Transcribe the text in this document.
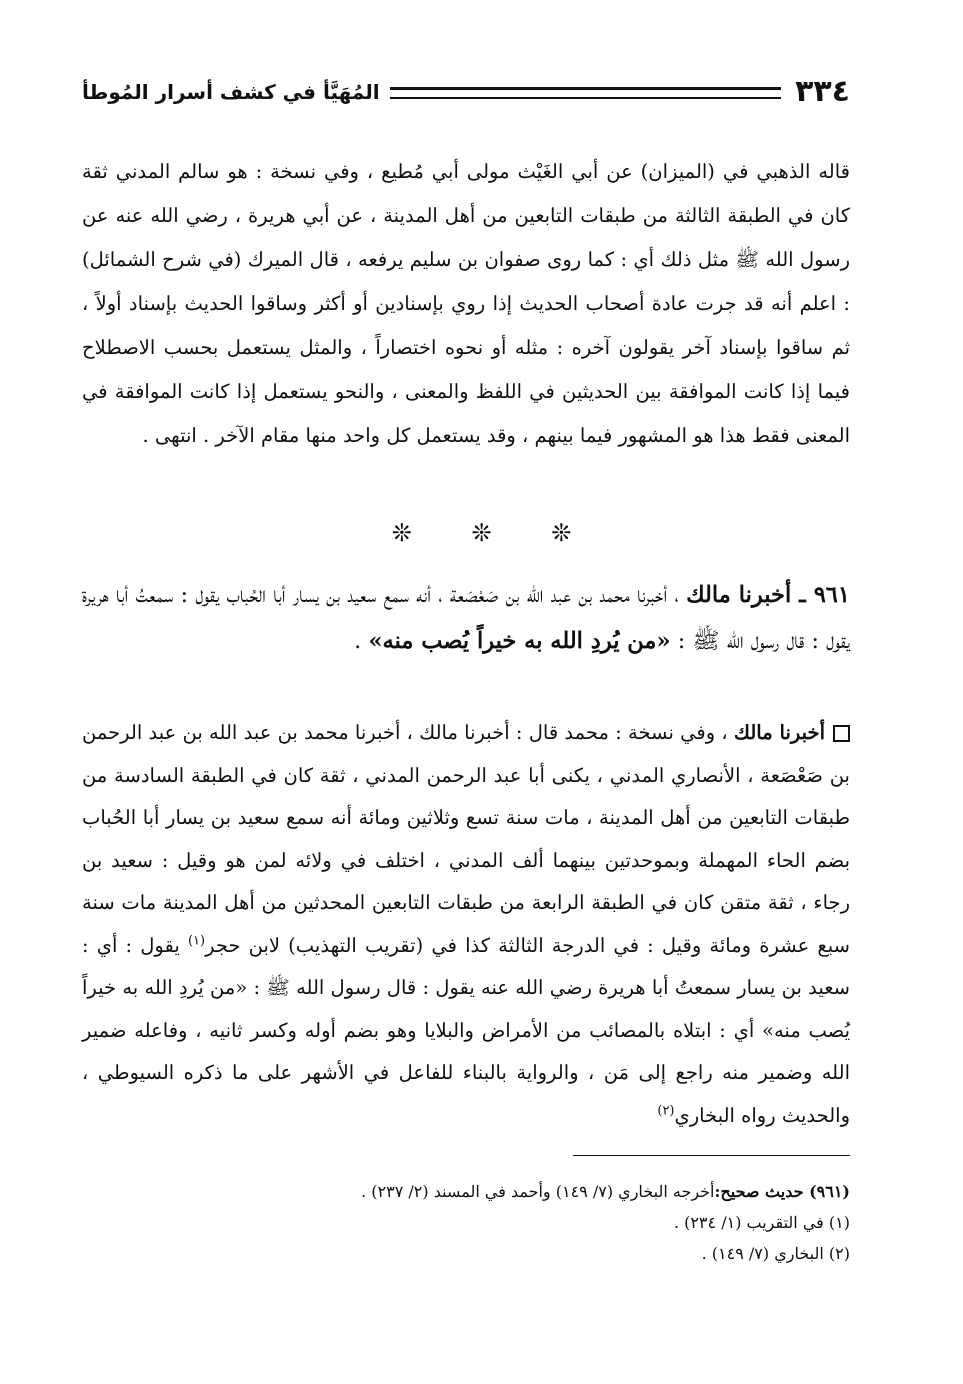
٣٣٤
المُهَيَّأ في كشف أسرار المُوطأ

قاله الذهبي في (الميزان) عن أبي الغَيْث مولى أبي مُطيع ، وفي نسخة : هو سالم المدني ثقة كان في الطبقة الثالثة من طبقات التابعين من أهل المدينة ، عن أبي هريرة ، رضي الله عنه عن رسول الله ﷺ مثل ذلك أي : كما روى صفوان بن سليم يرفعه ، قال الميرك (في شرح الشمائل) : اعلم أنه قد جرت عادة أصحاب الحديث إذا روي بإسنادين أو أكثر وساقوا الحديث بإسناد أولاً ، ثم ساقوا بإسناد آخر يقولون آخره : مثله أو نحوه اختصاراً ، والمثل يستعمل بحسب الاصطلاح فيما إذا كانت الموافقة بين الحديثين في اللفظ والمعنى ، والنحو يستعمل إذا كانت الموافقة في المعنى فقط هذا هو المشهور فيما بينهم ، وقد يستعمل كل واحد منها مقام الآخر . انتهى .

❊ ❊ ❊

٩٦١ ـ أخبرنا مالك ، أخبرنا محمد بن عبد الله بن صَعْصَعة ، أنه سمع سعيد بن يسار أبا الحُباب يقول : سمعتُ أبا هريرة يقول : قال رسول الله ﷺ : «من يُردِ الله به خيراً يُصب منه» .

أخبرنا مالك ، وفي نسخة : محمد قال : أخبرنا مالك ، أخبرنا محمد بن عبد الله بن عبد الرحمن بن صَعْصَعة ، الأنصاري المدني ، يكنى أبا عبد الرحمن المدني ، ثقة كان في الطبقة السادسة من طبقات التابعين من أهل المدينة ، مات سنة تسع وثلاثين ومائة أنه سمع سعيد بن يسار أبا الحُباب بضم الحاء المهملة وبموحدتين بينهما ألف المدني ، اختلف في ولائه لمن هو وقيل : سعيد بن رجاء ، ثقة متقن كان في الطبقة الرابعة من طبقات التابعين المحدثين من أهل المدينة مات سنة سبع عشرة ومائة وقيل : في الدرجة الثالثة كذا في (تقريب التهذيب) لابن حجر$^{(١)}$ يقول : أي : سعيد بن يسار سمعتُ أبا هريرة رضي الله عنه يقول : قال رسول الله ﷺ : «من يُردِ الله به خيراً يُصب منه» أي : ابتلاه بالمصائب من الأمراض والبلايا وهو بضم أوله وكسر ثانيه ، وفاعله ضمير الله وضمير منه راجع إلى مَن ، والرواية بالبناء للفاعل في الأشهر على ما ذكره السيوطي ، والحديث رواه البخاري$^{(٢)}$

(٩٦١) حديث صحيح:أخرجه البخاري (٧/ ١٤٩) وأحمد في المسند (٢/ ٢٣٧) .

(١) في التقريب (١/ ٢٣٤) .

(٢) البخاري (٧/ ١٤٩) .
